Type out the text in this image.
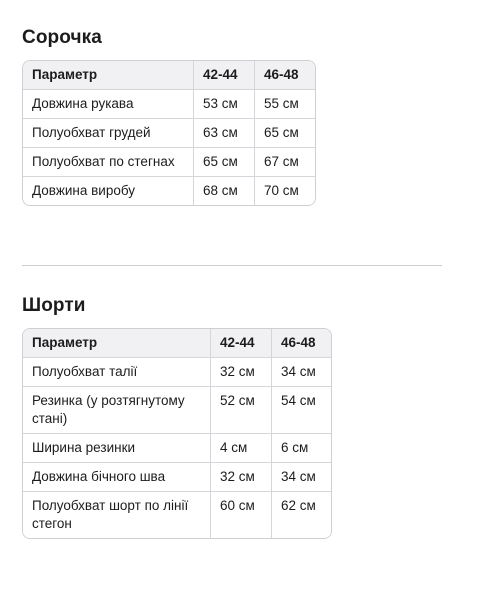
Сорочка
Параметр	42-44	46-48
Довжина рукава	53 см	55 см
Полуобхват грудей	63 см	65 см
Полуобхват по стегнах	65 см	67 см
Довжина виробу	68 см	70 см
Шорти
Параметр	42-44	46-48
Полуобхват талії	32 см	34 см
Резинка (у розтягнутому стані)	52 см	54 см
Ширина резинки	4 см	6 см
Довжина бічного шва	32 см	34 см
Полуобхват шорт по лінії стегон	60 см	62 см
